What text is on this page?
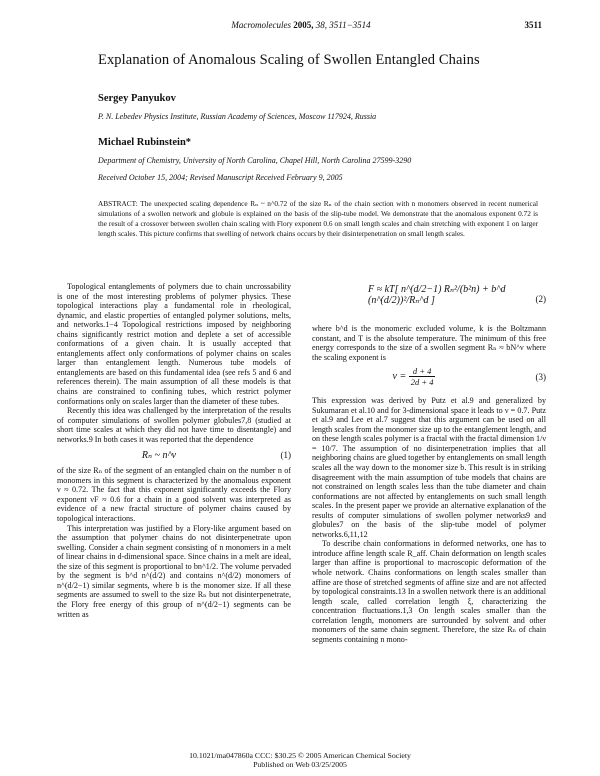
Macromolecules 2005, 38, 3511−3514	3511
Explanation of Anomalous Scaling of Swollen Entangled Chains
Sergey Panyukov
P. N. Lebedev Physics Institute, Russian Academy of Sciences, Moscow 117924, Russia
Michael Rubinstein*
Department of Chemistry, University of North Carolina, Chapel Hill, North Carolina 27599-3290
Received October 15, 2004; Revised Manuscript Received February 9, 2005
ABSTRACT: The unexpected scaling dependence Rₙ ~ n^0.72 of the size Rₙ of the chain section with n monomers observed in recent numerical simulations of a swollen network and globule is explained on the basis of the slip-tube model. We demonstrate that the anomalous exponent 0.72 is the result of a crossover between swollen chain scaling with Flory exponent 0.6 on small length scales and chain stretching with exponent 1 on larger length scales. This picture confirms that swelling of network chains occurs by their disinterpenetration on small length scales.

Topological entanglements of polymers due to chain uncrossability is one of the most interesting problems of polymer physics. These topological interactions play a fundamental role in rheological, dynamic, and elastic properties of entangled polymer solutions, melts, and networks.1−4 Topological restrictions imposed by neighboring chains significantly restrict motion and deplete a set of accessible conformations of a given chain. It is usually accepted that entanglements affect only conformations of polymer chains on scales larger than entanglement length. Numerous tube models of entanglements are based on this fundamental idea (see refs 5 and 6 and references therein). The main assumption of all these models is that chains are constrained to confining tubes, which restrict polymer conformations only on scales larger than the diameter of these tubes.

Recently this idea was challenged by the interpretation of the results of computer simulations of swollen polymer globules7,8 (studied at short time scales at which they did not have time to disentangle) and networks.9 In both cases it was reported that the dependence

Rₙ ~ n^ν	(1)

of the size Rₙ of the segment of an entangled chain on the number n of monomers in this segment is characterized by the anomalous exponent ν ≈ 0.72. The fact that this exponent significantly exceeds the Flory exponent νF ≈ 0.6 for a chain in a good solvent was interpreted as evidence of a new fractal structure of polymer chains caused by topological interactions.

This interpretation was justified by a Flory-like argument based on the assumption that polymer chains do not disinterpenetrate upon swelling. Consider a chain segment consisting of n monomers in a melt of linear chains in d-dimensional space. Since chains in a melt are ideal, the size of this segment is proportional to bn^1/2. The volume pervaded by the segment is b^d n^(d/2) and contains n^(d/2) monomers of n^(d/2−1) similar segments, where b is the monomer size. If all these segments are assumed to swell to the size Rₙ but not disinterpenetrate, the Flory free energy of this group of n^(d/2−1) segments can be written as

F ≈ kT[ n^(d/2−1) Rₙ²/(b²n) + b^d (n^(d/2))²/Rₙ^d ]	(2)

where b^d is the monomeric excluded volume, k is the Boltzmann constant, and T is the absolute temperature. The minimum of this free energy corresponds to the size of a swollen segment Rₙ ≈ bN^ν where the scaling exponent is

$\nu = \frac{d + 4}{2d + 4}$	(3)

This expression was derived by Putz et al.9 and generalized by Sukumaran et al.10 and for 3-dimensional space it leads to ν = 0.7. Putz et al.9 and Lee et al.7 suggest that this argument can be used on all length scales from the monomer size up to the entanglement length, and on these length scales polymer is a fractal with the fractal dimension 1/ν = 10/7. The assumption of no disinterpenetration implies that all neighboring chains are glued together by entanglements on small length scales all the way down to the monomer size b. This result is in striking disagreement with the main assumption of tube models that chains are not constrained on length scales less than the tube diameter and chain conformations are not affected by entanglements on such small length scales. In the present paper we provide an alternative explanation of the results of computer simulations of swollen polymer networks9 and globules7 on the basis of the slip-tube model of polymer networks.6,11,12

To describe chain conformations in deformed networks, one has to introduce affine length scale R_aff. Chain deformation on length scales larger than affine is proportional to macroscopic deformation of the whole network. Chains conformations on length scales smaller than affine are those of stretched segments of affine size and are not affected by topological constraints.13 In a swollen network there is an additional length scale, called correlation length ξ, characterizing the concentration fluctuations.1,3 On length scales smaller than the correlation length, monomers are surrounded by solvent and other monomers of the same chain segment. Therefore, the size Rₙ of chain segments containing n mono-

10.1021/ma047860a CCC: $30.25 © 2005 American Chemical Society
Published on Web 03/25/2005
